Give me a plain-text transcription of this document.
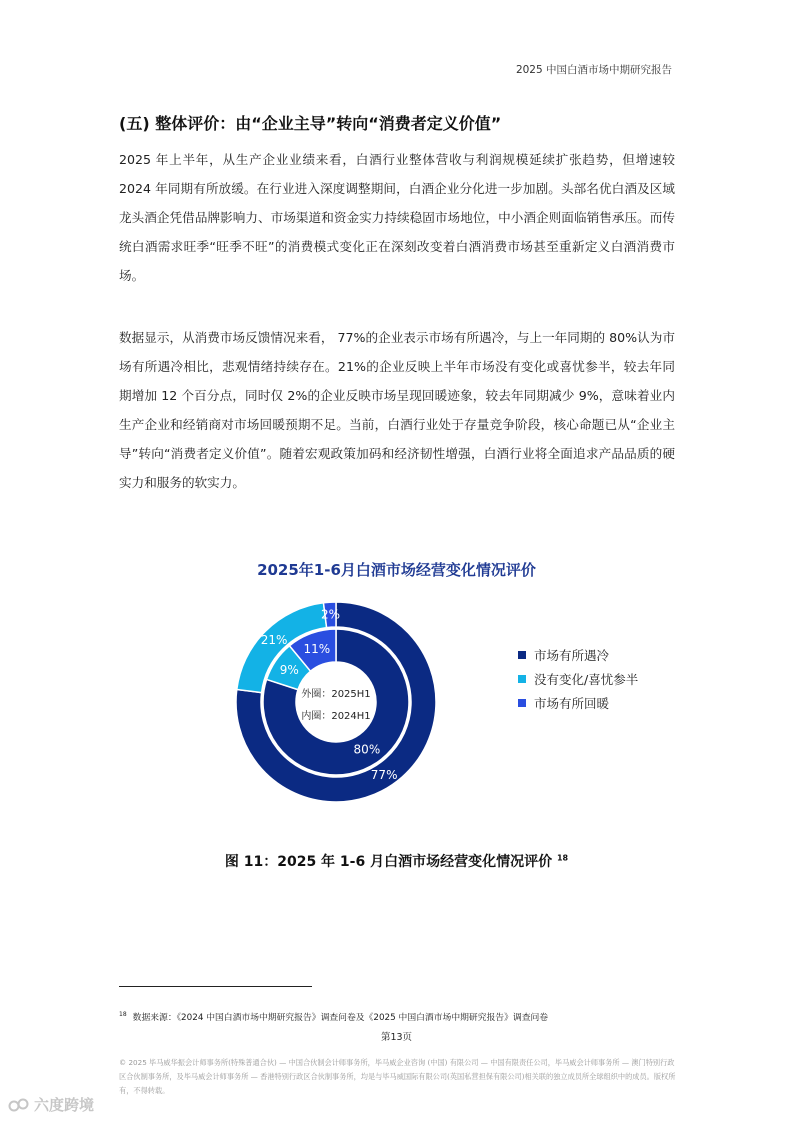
2025 中国白酒市场中期研究报告
(五) 整体评价：由“企业主导”转向“消费者定义价值”

2025 年上半年，从生产企业业绩来看，白酒行业整体营收与利润规模延续扩张趋势，但增速较 2024 年同期有所放缓。在行业进入深度调整期间，白酒企业分化进一步加剧。头部名优白酒及区域龙头酒企凭借品牌影响力、市场渠道和资金实力持续稳固市场地位，中小酒企则面临销售承压。而传统白酒需求旺季“旺季不旺”的消费模式变化正在深刻改变着白酒消费市场甚至重新定义白酒消费市场。

数据显示，从消费市场反馈情况来看， 77%的企业表示市场有所遇冷，与上一年同期的 80%认为市场有所遇冷相比，悲观情绪持续存在。21%的企业反映上半年市场没有变化或喜忧参半，较去年同期增加 12 个百分点，同时仅 2%的企业反映市场呈现回暖迹象，较去年同期减少 9%，意味着业内生产企业和经销商对市场回暖预期不足。当前，白酒行业处于存量竞争阶段，核心命题已从“企业主导”转向“消费者定义价值”。随着宏观政策加码和经济韧性增强，白酒行业将全面追求产品品质的硬实力和服务的软实力。

2025年1-6月白酒市场经营变化情况评价
77%
21%
2%
80%
9%
11%
外圈：2025H1
内圈：2024H1
市场有所遇冷
没有变化/喜忧参半
市场有所回暖
图 11：2025 年 1-6 月白酒市场经营变化情况评价 $^{18}$
$^{18}$ 数据来源：《2024 中国白酒市场中期研究报告》调查问卷及《2025 中国白酒市场中期研究报告》调查问卷
第13页
© 2025 毕马威华振会计师事务所(特殊普通合伙) — 中国合伙制会计师事务所，毕马威企业咨询 (中国) 有限公司 — 中国有限责任公司，毕马威会计师事务所 — 澳门特别行政区合伙制事务所，及毕马威会计师事务所 — 香港特别行政区合伙制事务所，均是与毕马威国际有限公司(英国私营担保有限公司)相关联的独立成员所全球组织中的成员。版权所有，不得转载。
六度跨境
